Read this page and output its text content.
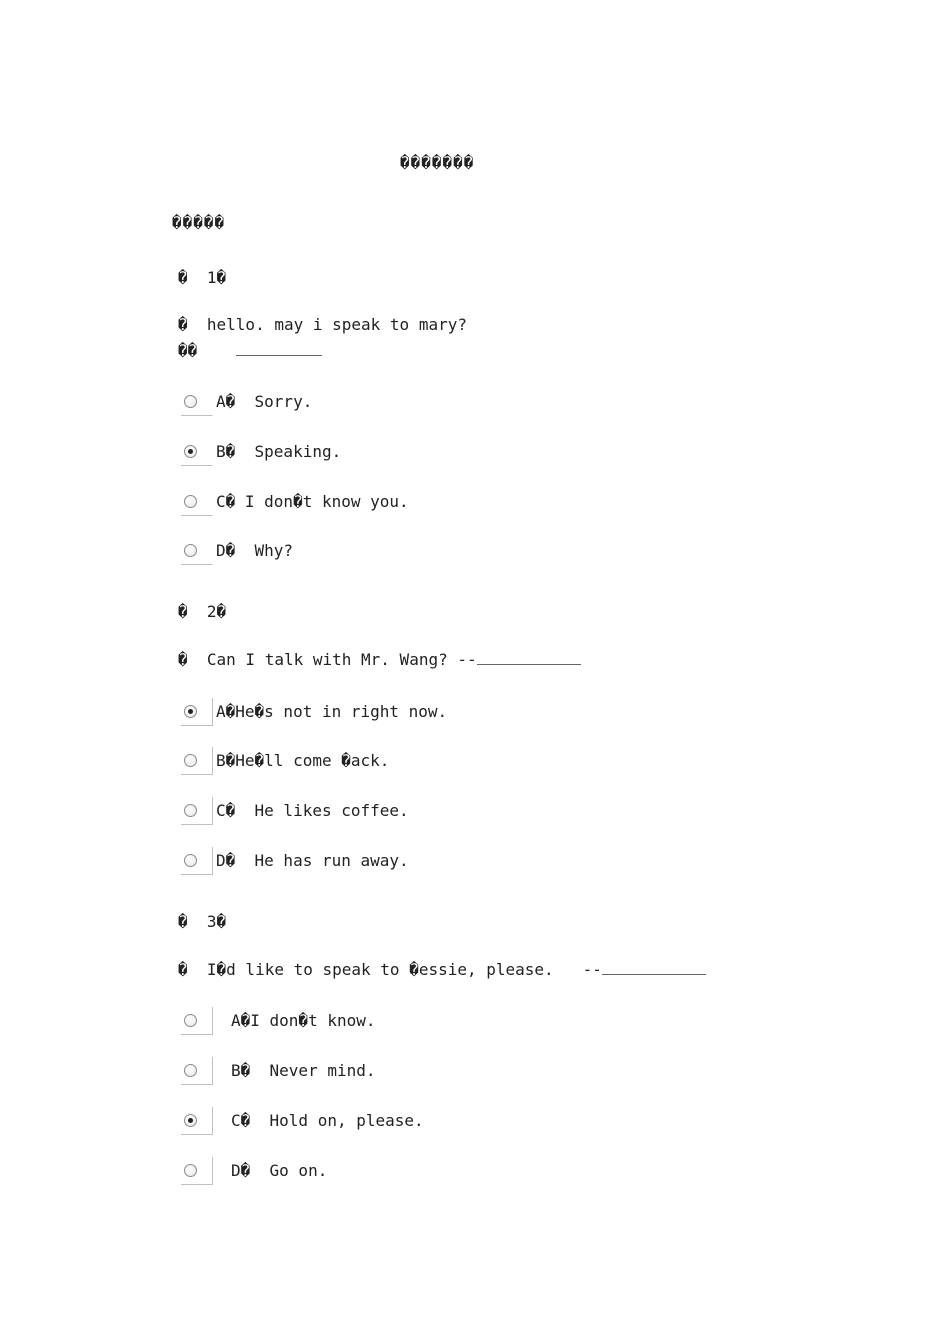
�������
�����
�  1�
�  hello. may i speak to mary?
��
A�  Sorry.
B�  Speaking.
C� I don�t know you.
D�  Why?
�  2�
�  Can I talk with Mr. Wang? --
A�He�s not in right now.
B�He�ll come �ack.
C�  He likes coffee.
D�  He has run away.
�  3�
�  I�d like to speak to �essie, please.   --
A�I don�t know.
B�  Never mind.
C�  Hold on, please.
D�  Go on.
